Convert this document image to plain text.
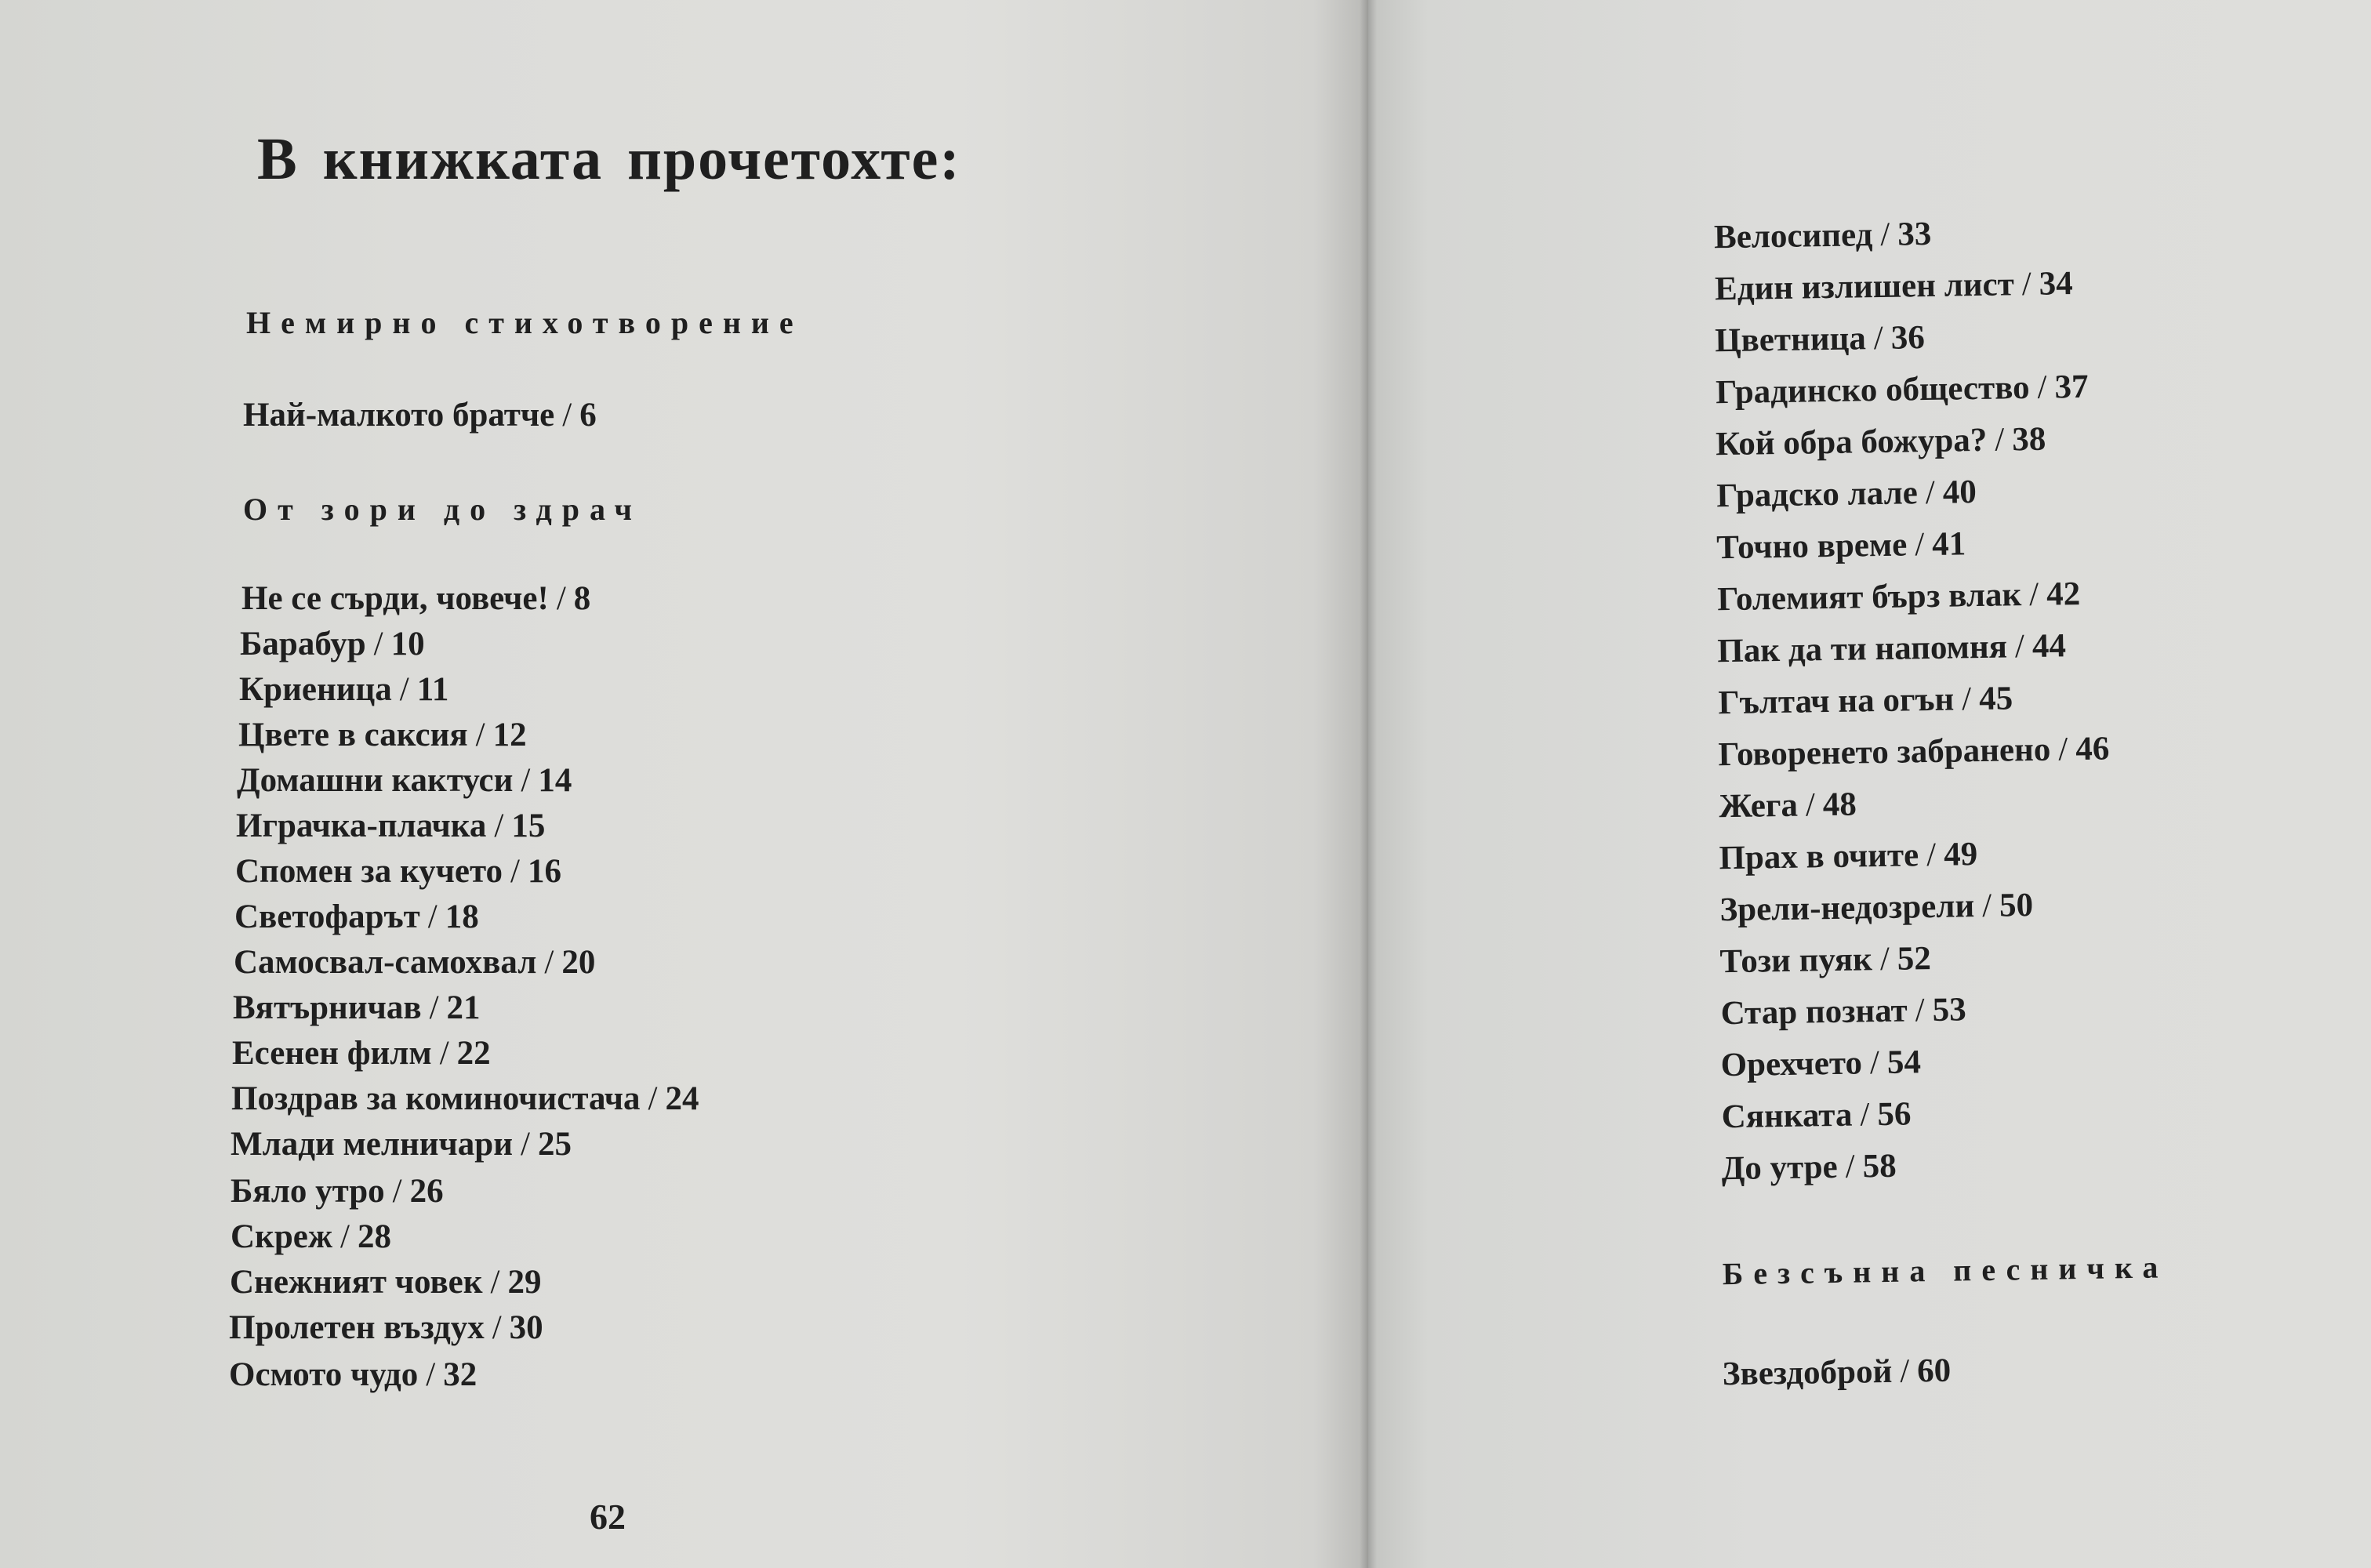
В книжката прочетохте:
Немирно стихотворение
Най-малкото братче / 6
От зори до здрач
Не се сърди, човече! / 8
Барабур / 10
Криеница / 11
Цвете в саксия / 12
Домашни кактуси / 14
Играчка-плачка / 15
Спомен за кучето / 16
Светофарът / 18
Самосвал-самохвал / 20
Вятърничав / 21
Есенен филм / 22
Поздрав за коминочистача / 24
Млади мелничари / 25
Бяло утро / 26
Скреж / 28
Снежният човек / 29
Пролетен въздух / 30
Осмото чудо / 32
62
Велосипед / 33
Един излишен лист / 34
Цветница / 36
Градинско общество / 37
Кой обра божура? / 38
Градско лале / 40
Точно време / 41
Големият бърз влак / 42
Пак да ти напомня / 44
Гълтач на огън / 45
Говоренето забранено / 46
Жега / 48
Прах в очите / 49
Зрели-недозрели / 50
Този пуяк / 52
Стар познат / 53
Орехчето / 54
Сянката / 56
До утре / 58
Безсънна песничка
Звездоброй / 60
